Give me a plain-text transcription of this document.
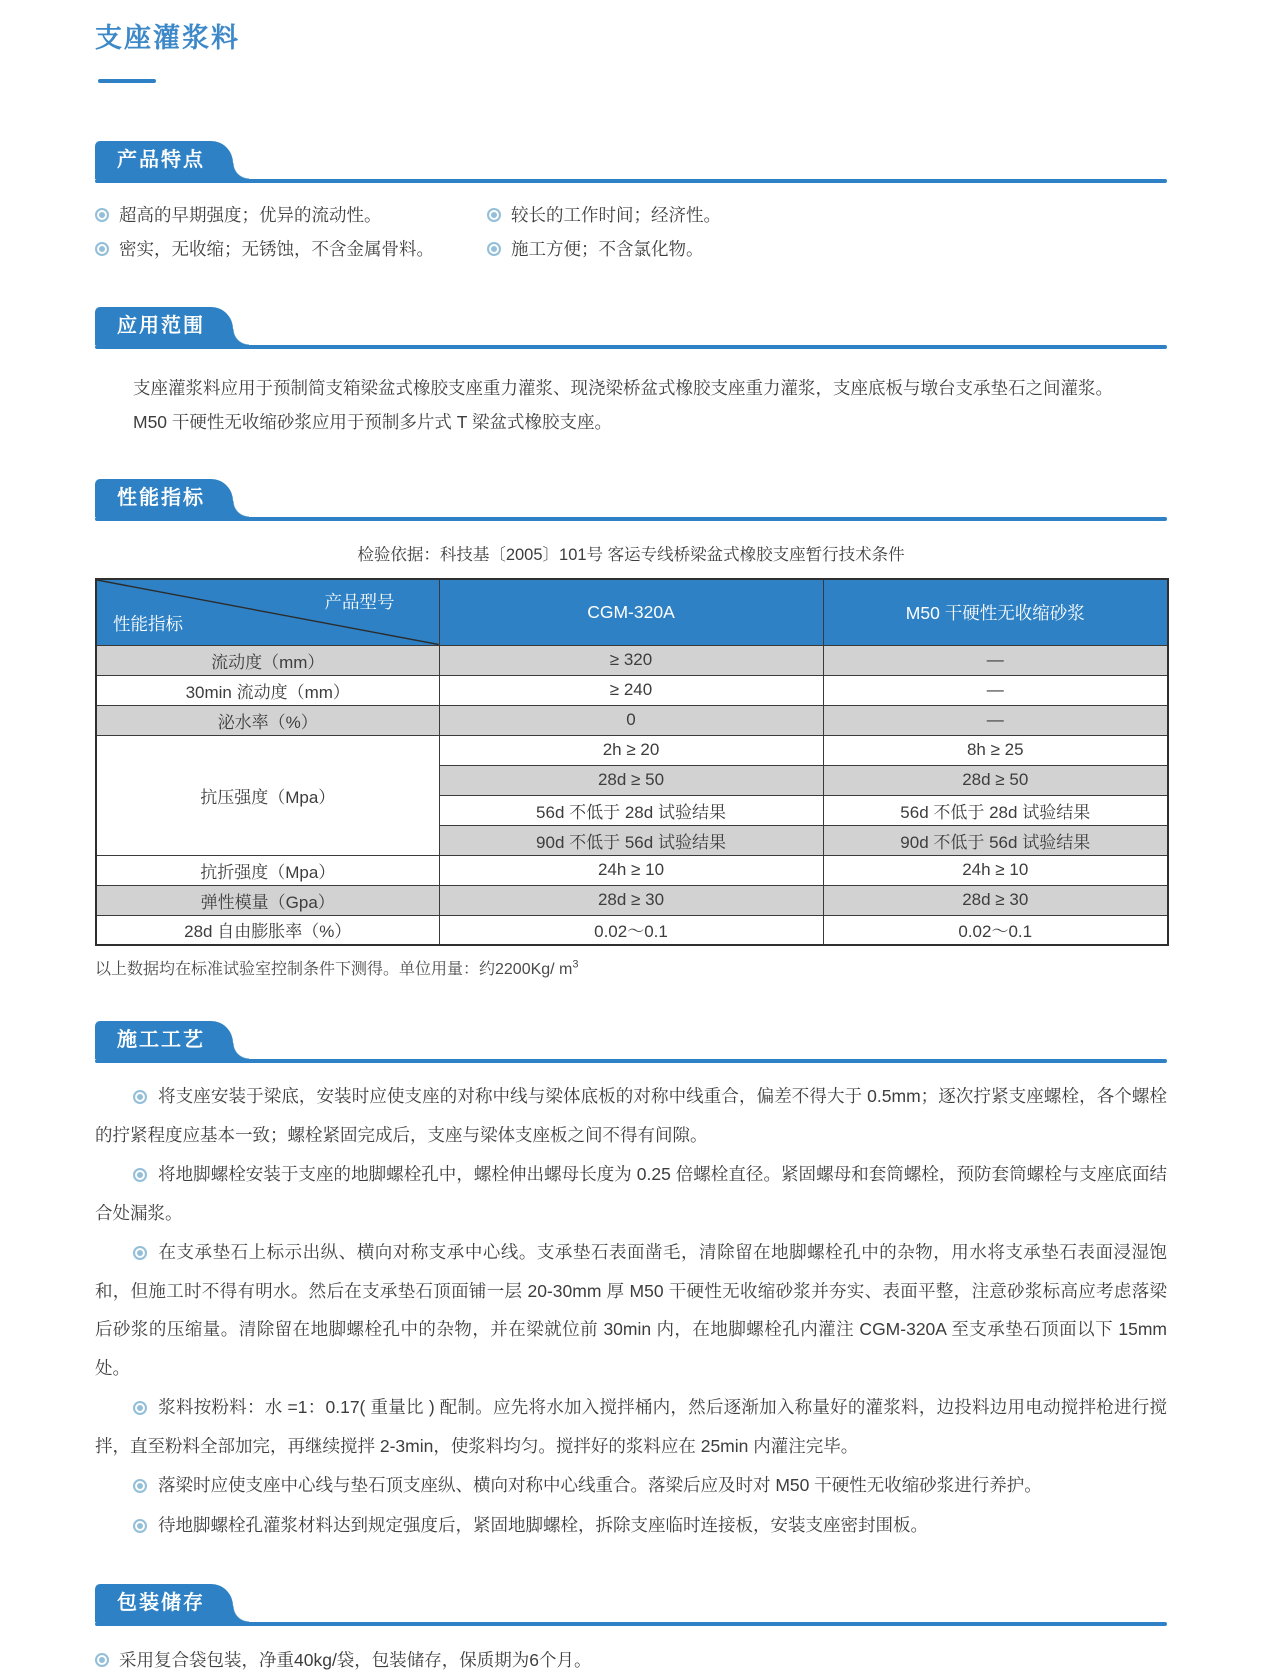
支座灌浆料
产品特点
超高的早期强度；优异的流动性。	较长的工作时间；经济性。
密实，无收缩；无锈蚀，不含金属骨料。	施工方便；不含氯化物。
应用范围
支座灌浆料应用于预制简支箱梁盆式橡胶支座重力灌浆、现浇梁桥盆式橡胶支座重力灌浆，支座底板与墩台支承垫石之间灌浆。
M50 干硬性无收缩砂浆应用于预制多片式 T 梁盆式橡胶支座。
性能指标
检验依据：科技基〔2005〕101号 客运专线桥梁盆式橡胶支座暂行技术条件
产品型号
性能指标	CGM-320A	M50 干硬性无收缩砂浆
流动度（mm）	≥ 320	—
30min 流动度（mm）	≥ 240	—
泌水率（%）	0	—
抗压强度（Mpa）	2h ≥ 20	8h ≥ 25
	28d ≥ 50	28d ≥ 50
	56d 不低于 28d 试验结果	56d 不低于 28d 试验结果
	90d 不低于 56d 试验结果	90d 不低于 56d 试验结果
抗折强度（Mpa）	24h ≥ 10	24h ≥ 10
弹性模量（Gpa）	28d ≥ 30	28d ≥ 30
28d 自由膨胀率（%）	0.02～0.1	0.02～0.1
以上数据均在标准试验室控制条件下测得。单位用量：约2200Kg/ $m^3$
施工工艺

将支座安装于梁底，安装时应使支座的对称中线与梁体底板的对称中线重合，偏差不得大于 0.5mm；逐次拧紧支座螺栓，各个螺栓的拧紧程度应基本一致；螺栓紧固完成后，支座与梁体支座板之间不得有间隙。

将地脚螺栓安装于支座的地脚螺栓孔中，螺栓伸出螺母长度为 0.25 倍螺栓直径。紧固螺母和套筒螺栓，预防套筒螺栓与支座底面结合处漏浆。

在支承垫石上标示出纵、横向对称支承中心线。支承垫石表面凿毛，清除留在地脚螺栓孔中的杂物，用水将支承垫石表面浸湿饱和，但施工时不得有明水。然后在支承垫石顶面铺一层 20-30mm 厚 M50 干硬性无收缩砂浆并夯实、表面平整，注意砂浆标高应考虑落梁后砂浆的压缩量。清除留在地脚螺栓孔中的杂物，并在梁就位前 30min 内，在地脚螺栓孔内灌注 CGM-320A 至支承垫石顶面以下 15mm 处。

浆料按粉料：水 =1：0.17( 重量比 ) 配制。应先将水加入搅拌桶内，然后逐渐加入称量好的灌浆料，边投料边用电动搅拌枪进行搅拌，直至粉料全部加完，再继续搅拌 2-3min，使浆料均匀。搅拌好的浆料应在 25min 内灌注完毕。

落梁时应使支座中心线与垫石顶支座纵、横向对称中心线重合。落梁后应及时对 M50 干硬性无收缩砂浆进行养护。

待地脚螺栓孔灌浆材料达到规定强度后，紧固地脚螺栓，拆除支座临时连接板，安装支座密封围板。

包装储存
采用复合袋包装，净重40kg/袋，包装储存，保质期为6个月。
